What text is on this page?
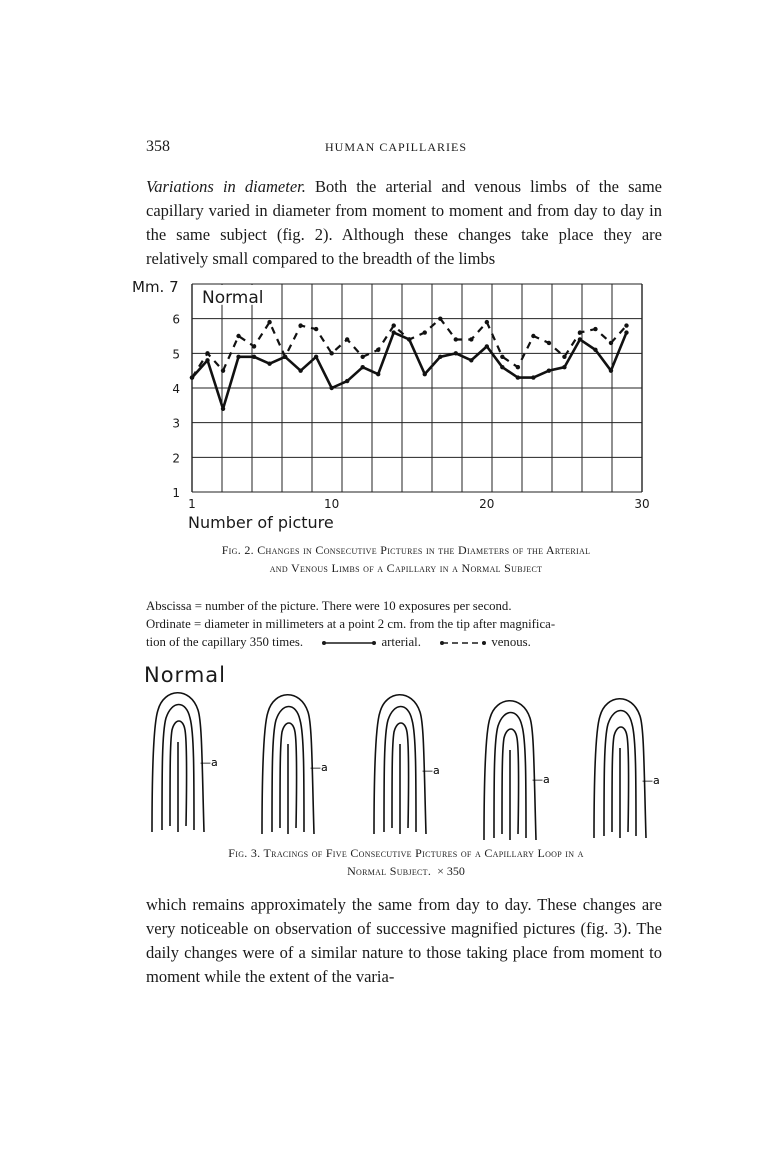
358	HUMAN CAPILLARIES

Variations in diameter. Both the arterial and venous limbs of the same capillary varied in diameter from moment to moment and from day to day in the same subject (fig. 2). Although these changes take place they are relatively small compared to the breadth of the limbs

Normal
6
5
4
3
2
1
Mm. 7
1	10	20	30
Number of picture
Fig. 2. Changes in Consecutive Pictures in the Diameters of the Arterial
and Venous Limbs of a Capillary in a Normal Subject
Abscissa = number of the picture. There were 10 exposures per second.
Ordinate = diameter in millimeters at a point 2 cm. from the tip after magnifica-
tion of the capillary 350 times.	arterial.	venous.
Normal
—a	—a	—a
—a	—a
Fig. 3. Tracings of Five Consecutive Pictures of a Capillary Loop in a
Normal Subject. × 350

which remains approximately the same from day to day. These changes are very noticeable on observation of successive magnified pictures (fig. 3). The daily changes were of a similar nature to those taking place from moment to moment while the extent of the varia-
